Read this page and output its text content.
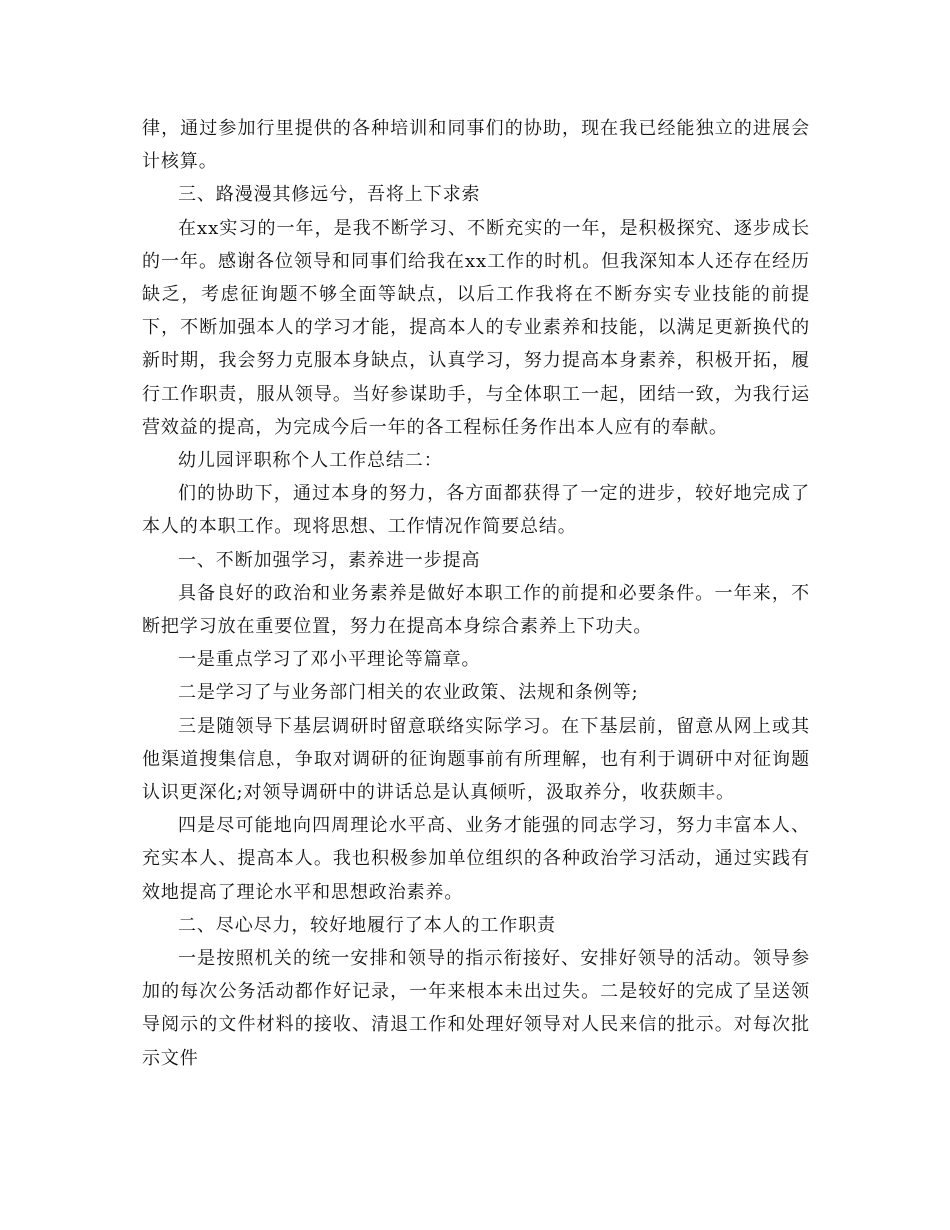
律，通过参加行里提供的各种培训和同事们的协助，现在我已经能独立的进展会计核算。

三、路漫漫其修远兮，吾将上下求索

在xx实习的一年，是我不断学习、不断充实的一年，是积极探究、逐步成长的一年。感谢各位领导和同事们给我在xx工作的时机。但我深知本人还存在经历缺乏，考虑征询题不够全面等缺点，以后工作我将在不断夯实专业技能的前提下，不断加强本人的学习才能，提高本人的专业素养和技能，以满足更新换代的新时期，我会努力克服本身缺点，认真学习，努力提高本身素养，积极开拓，履行工作职责，服从领导。当好参谋助手，与全体职工一起，团结一致，为我行运营效益的提高，为完成今后一年的各工程标任务作出本人应有的奉献。

幼儿园评职称个人工作总结二：

们的协助下，通过本身的努力，各方面都获得了一定的进步，较好地完成了本人的本职工作。现将思想、工作情况作简要总结。

一、不断加强学习，素养进一步提高

具备良好的政治和业务素养是做好本职工作的前提和必要条件。一年来，不断把学习放在重要位置，努力在提高本身综合素养上下功夫。

一是重点学习了邓小平理论等篇章。

二是学习了与业务部门相关的农业政策、法规和条例等;

三是随领导下基层调研时留意联络实际学习。在下基层前，留意从网上或其他渠道搜集信息，争取对调研的征询题事前有所理解，也有利于调研中对征询题认识更深化;对领导调研中的讲话总是认真倾听，汲取养分，收获颇丰。

四是尽可能地向四周理论水平高、业务才能强的同志学习，努力丰富本人、充实本人、提高本人。我也积极参加单位组织的各种政治学习活动，通过实践有效地提高了理论水平和思想政治素养。

二、尽心尽力，较好地履行了本人的工作职责

一是按照机关的统一安排和领导的指示衔接好、安排好领导的活动。领导参加的每次公务活动都作好记录，一年来根本未出过失。二是较好的完成了呈送领导阅示的文件材料的接收、清退工作和处理好领导对人民来信的批示。对每次批示文件
